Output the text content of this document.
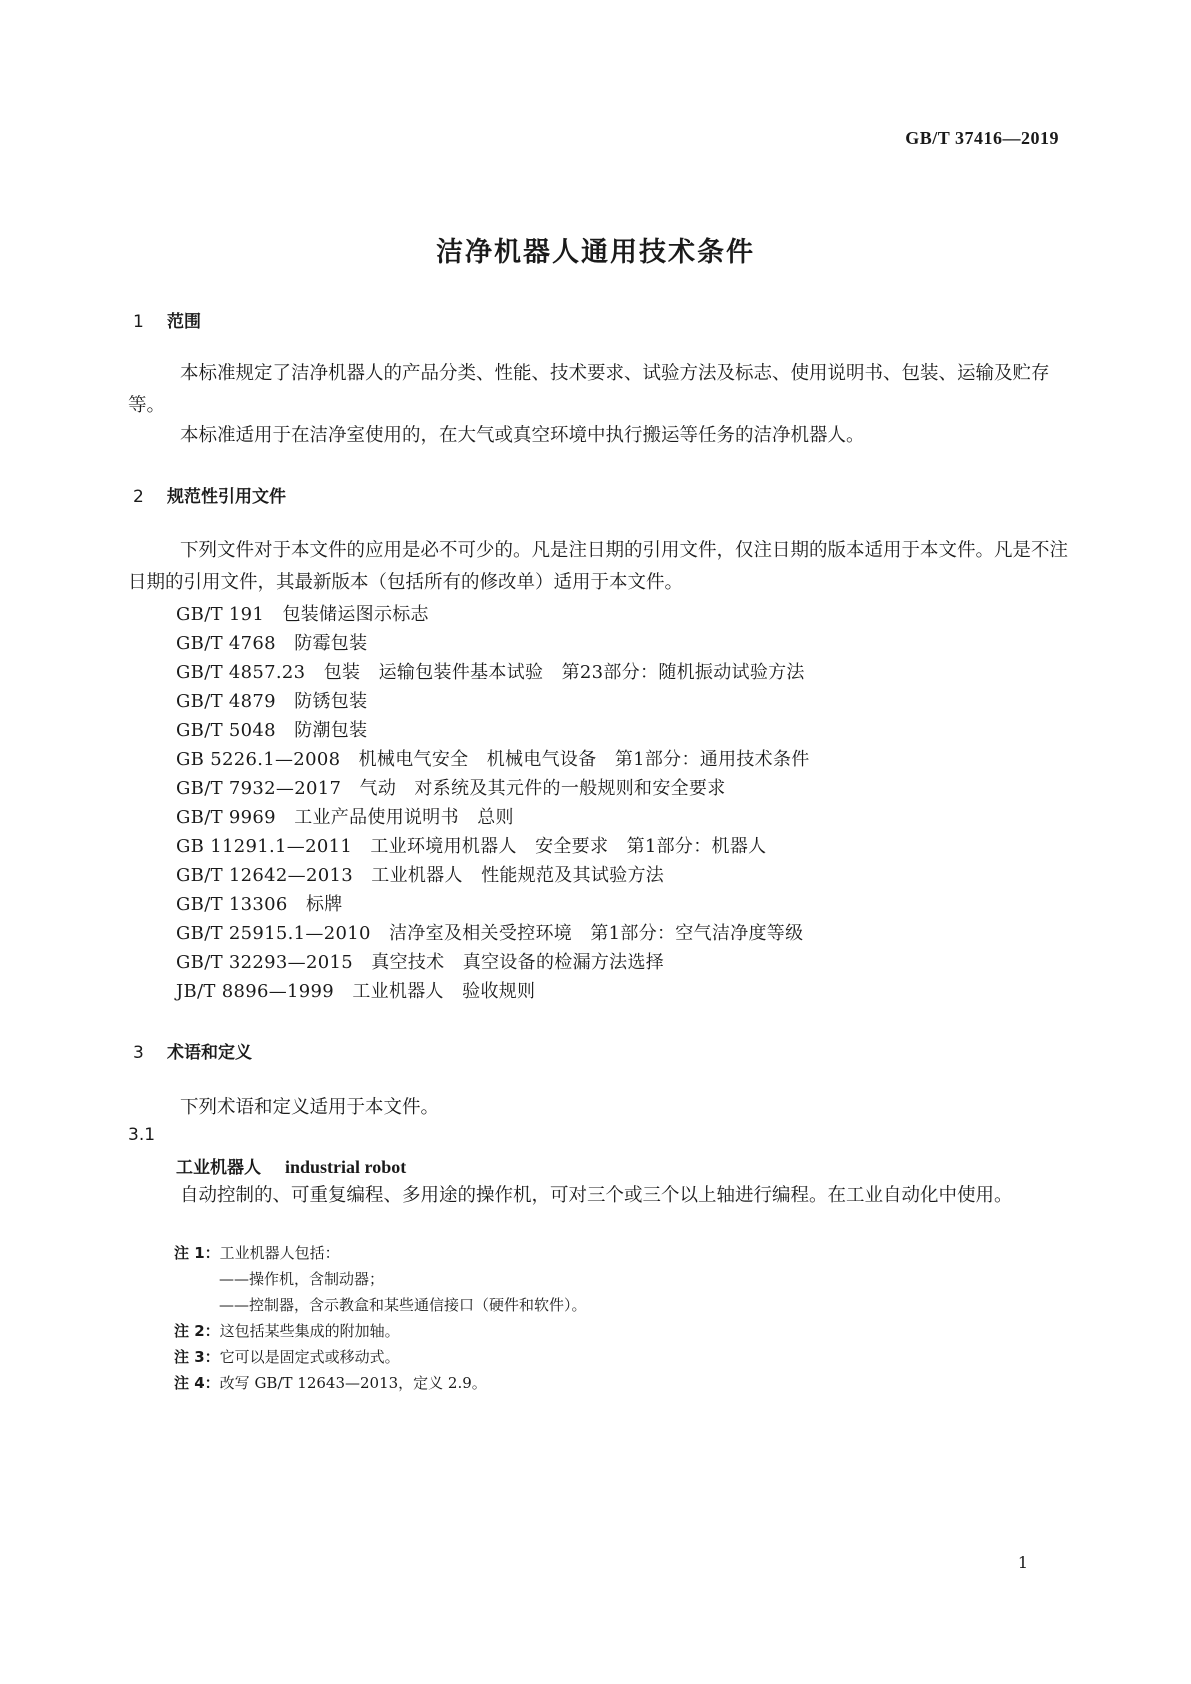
GB/T 37416—2019
洁净机器人通用技术条件
1 范围
本标准规定了洁净机器人的产品分类、性能、技术要求、试验方法及标志、使用说明书、包装、运输及贮存等。
本标准适用于在洁净室使用的，在大气或真空环境中执行搬运等任务的洁净机器人。
2 规范性引用文件
下列文件对于本文件的应用是必不可少的。凡是注日期的引用文件，仅注日期的版本适用于本文件。凡是不注日期的引用文件，其最新版本（包括所有的修改单）适用于本文件。
GB/T 191　包装储运图示标志
GB/T 4768　防霉包装
GB/T 4857.23　包装　运输包装件基本试验　第23部分：随机振动试验方法
GB/T 4879　防锈包装
GB/T 5048　防潮包装
GB 5226.1—2008　机械电气安全　机械电气设备　第1部分：通用技术条件
GB/T 7932—2017　气动　对系统及其元件的一般规则和安全要求
GB/T 9969　工业产品使用说明书　总则
GB 11291.1—2011　工业环境用机器人　安全要求　第1部分：机器人
GB/T 12642—2013　工业机器人　性能规范及其试验方法
GB/T 13306　标牌
GB/T 25915.1—2010　洁净室及相关受控环境　第1部分：空气洁净度等级
GB/T 32293—2015　真空技术　真空设备的检漏方法选择
JB/T 8896—1999　工业机器人　验收规则
3 术语和定义
下列术语和定义适用于本文件。
3.1
工业机器人 industrial robot
自动控制的、可重复编程、多用途的操作机，可对三个或三个以上轴进行编程。在工业自动化中使用。
注 1：工业机器人包括：
——操作机，含制动器；
——控制器，含示教盒和某些通信接口（硬件和软件）。
注 2：这包括某些集成的附加轴。
注 3：它可以是固定式或移动式。
注 4：改写 GB/T 12643—2013，定义 2.9。
1
